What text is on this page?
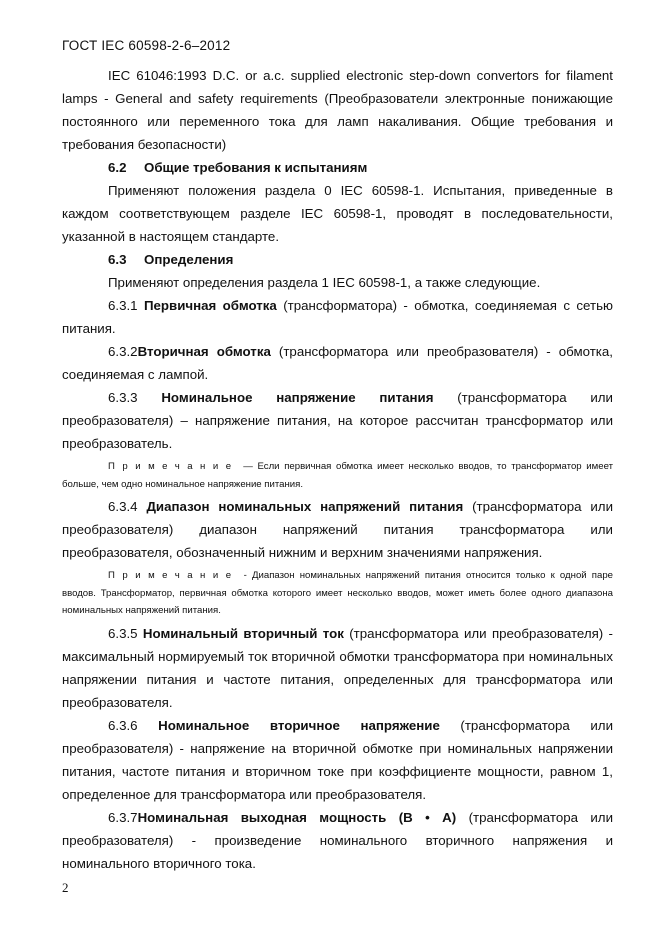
ГОСТ IEC 60598-2-6–2012

IEC 61046:1993 D.C. or a.c. supplied electronic step-down convertors for filament lamps - General and safety requirements (Преобразователи электронные понижающие постоянного или переменного тока для ламп накаливания. Общие требования и требования безопасности)

6.2 Общие требования к испытаниям

Применяют положения раздела 0 IEC 60598-1. Испытания, приведенные в каждом соответствующем разделе IEC 60598-1, проводят в последовательности, указанной в настоящем стандарте.

6.3 Определения

Применяют определения раздела 1 IEC 60598-1, а также следующие.

6.3.1 Первичная обмотка (трансформатора) - обмотка, соединяемая с сетью питания.

6.3.2Вторичная обмотка (трансформатора или преобразователя) - обмотка, соединяемая с лампой.

6.3.3 Номинальное напряжение питания (трансформатора или преобразователя) – напряжение питания, на которое рассчитан трансформатор или преобразователь.

Примечание — Если первичная обмотка имеет несколько вводов, то трансформатор имеет больше, чем одно номинальное напряжение питания.

6.3.4 Диапазон номинальных напряжений питания (трансформатора или преобразователя) диапазон напряжений питания трансформатора или преобразователя, обозначенный нижним и верхним значениями напряжения.

Примечание - Диапазон номинальных напряжений питания относится только к одной паре вводов. Трансформатор, первичная обмотка которого имеет несколько вводов, может иметь более одного диапазона номинальных напряжений питания.

6.3.5 Номинальный вторичный ток (трансформатора или преобразователя) - максимальный нормируемый ток вторичной обмотки трансформатора при номинальных напряжении питания и частоте питания, определенных для трансформатора или преобразователя.

6.3.6 Номинальное вторичное напряжение (трансформатора или преобразователя) - напряжение на вторичной обмотке при номинальных напряжении питания, частоте питания и вторичном токе при коэффициенте мощности, равном 1, определенное для трансформатора или преобразователя.

6.3.7Номинальная выходная мощность (В • А) (трансформатора или преобразователя) - произведение номинального вторичного напряжения и номинального вторичного тока.

2
